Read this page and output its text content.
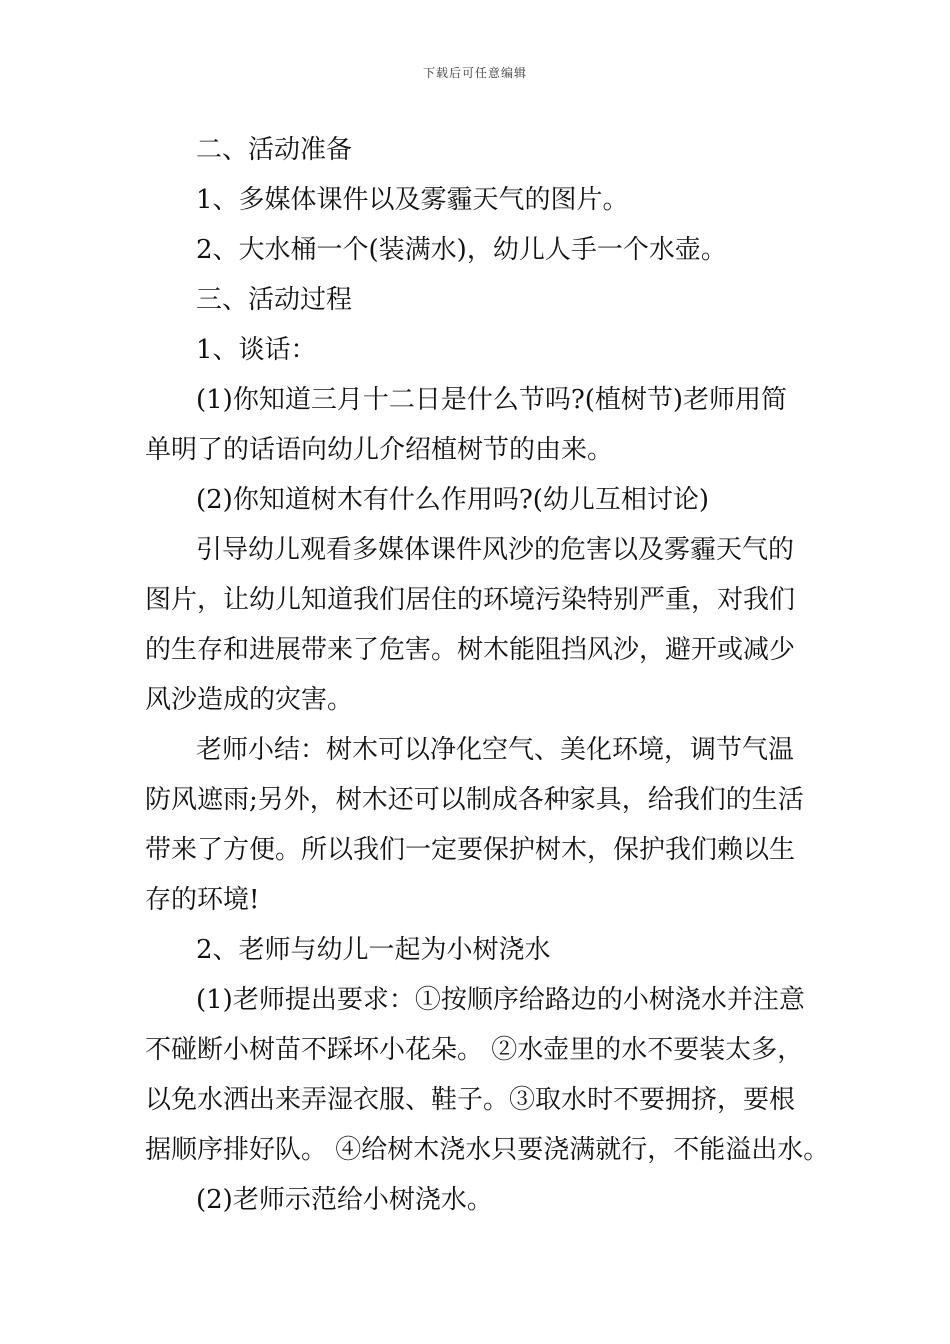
下载后可任意编辑
二、活动准备
1、多媒体课件以及雾霾天气的图片。
2、大水桶一个(装满水)，幼儿人手一个水壶。
三、活动过程
1、谈话：
(1)你知道三月十二日是什么节吗?(植树节)老师用简
单明了的话语向幼儿介绍植树节的由来。
(2)你知道树木有什么作用吗?(幼儿互相讨论)
引导幼儿观看多媒体课件风沙的危害以及雾霾天气的
图片，让幼儿知道我们居住的环境污染特别严重，对我们
的生存和进展带来了危害。树木能阻挡风沙，避开或减少
风沙造成的灾害。
老师小结：树木可以净化空气、美化环境，调节气温
防风遮雨;另外，树木还可以制成各种家具，给我们的生活
带来了方便。所以我们一定要保护树木，保护我们赖以生
存的环境!
2、老师与幼儿一起为小树浇水
(1)老师提出要求：①按顺序给路边的小树浇水并注意
不碰断小树苗不踩坏小花朵。 ②水壶里的水不要装太多，
以免水洒出来弄湿衣服、鞋子。③取水时不要拥挤，要根
据顺序排好队。 ④给树木浇水只要浇满就行，不能溢出水。
(2)老师示范给小树浇水。
